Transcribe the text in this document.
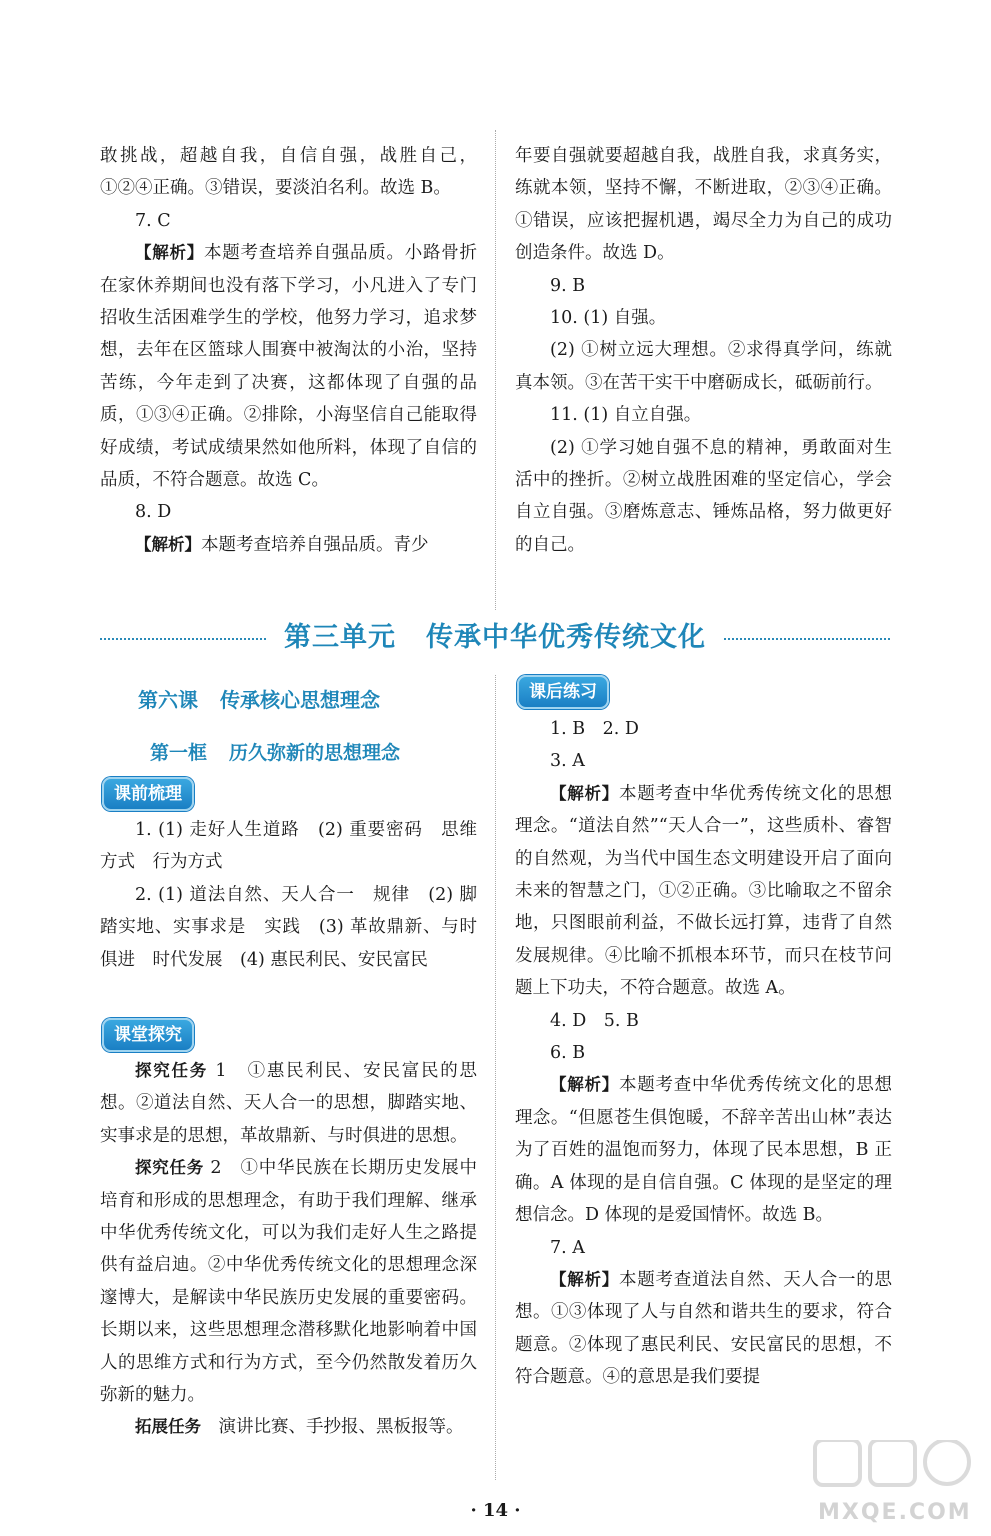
敢挑战，超越自我，自信自强，战胜自己，①②④正确。③错误，要淡泊名利。故选 B。

7. C

【解析】本题考查培养自强品质。小路骨折在家休养期间也没有落下学习，小凡进入了专门招收生活困难学生的学校，他努力学习，追求梦想，去年在区篮球人围赛中被淘汰的小治，坚持苦练，今年走到了决赛，这都体现了自强的品质，①③④正确。②排除，小海坚信自己能取得好成绩，考试成绩果然如他所料，体现了自信的品质，不符合题意。故选 C。

8. D

【解析】本题考查培养自强品质。青少

年要自强就要超越自我，战胜自我，求真务实，练就本领，坚持不懈，不断进取，②③④正确。①错误，应该把握机遇，竭尽全力为自己的成功创造条件。故选 D。

9. B

10. (1) 自强。

(2) ①树立远大理想。②求得真学问，练就真本领。③在苦干实干中磨砺成长，砥砺前行。

11. (1) 自立自强。

(2) ①学习她自强不息的精神，勇敢面对生活中的挫折。②树立战胜困难的坚定信心，学会自立自强。③磨炼意志、锤炼品格，努力做更好的自己。

第三单元 传承中华优秀传统文化
第六课 传承核心思想理念
第一框 历久弥新的思想理念
课前梳理

1. (1) 走好人生道路　(2) 重要密码　思维方式　行为方式

2. (1) 道法自然、天人合一　规律　(2) 脚踏实地、实事求是　实践　(3) 革故鼎新、与时俱进　时代发展　(4) 惠民利民、安民富民

课堂探究

探究任务 1　①惠民利民、安民富民的思想。②道法自然、天人合一的思想，脚踏实地、实事求是的思想，革故鼎新、与时俱进的思想。

探究任务 2　①中华民族在长期历史发展中培育和形成的思想理念，有助于我们理解、继承中华优秀传统文化，可以为我们走好人生之路提供有益启迪。②中华优秀传统文化的思想理念深邃博大，是解读中华民族历史发展的重要密码。长期以来，这些思想理念潜移默化地影响着中国人的思维方式和行为方式，至今仍然散发着历久弥新的魅力。

拓展任务　演讲比赛、手抄报、黑板报等。

课后练习

1. B　2. D

3. A

【解析】本题考查中华优秀传统文化的思想理念。“道法自然”“天人合一”，这些质朴、睿智的自然观，为当代中国生态文明建设开启了面向未来的智慧之门，①②正确。③比喻取之不留余地，只图眼前利益，不做长远打算，违背了自然发展规律。④比喻不抓根本环节，而只在枝节问题上下功夫，不符合题意。故选 A。

4. D　5. B

6. B

【解析】本题考查中华优秀传统文化的思想理念。“但愿苍生俱饱暖，不辞辛苦出山林”表达为了百姓的温饱而努力，体现了民本思想，B 正确。A 体现的是自信自强。C 体现的是坚定的理想信念。D 体现的是爱国情怀。故选 B。

7. A

【解析】本题考查道法自然、天人合一的思想。①③体现了人与自然和谐共生的要求，符合题意。②体现了惠民利民、安民富民的思想，不符合题意。④的意思是我们要提

· 14 ·	MXQE.COM
